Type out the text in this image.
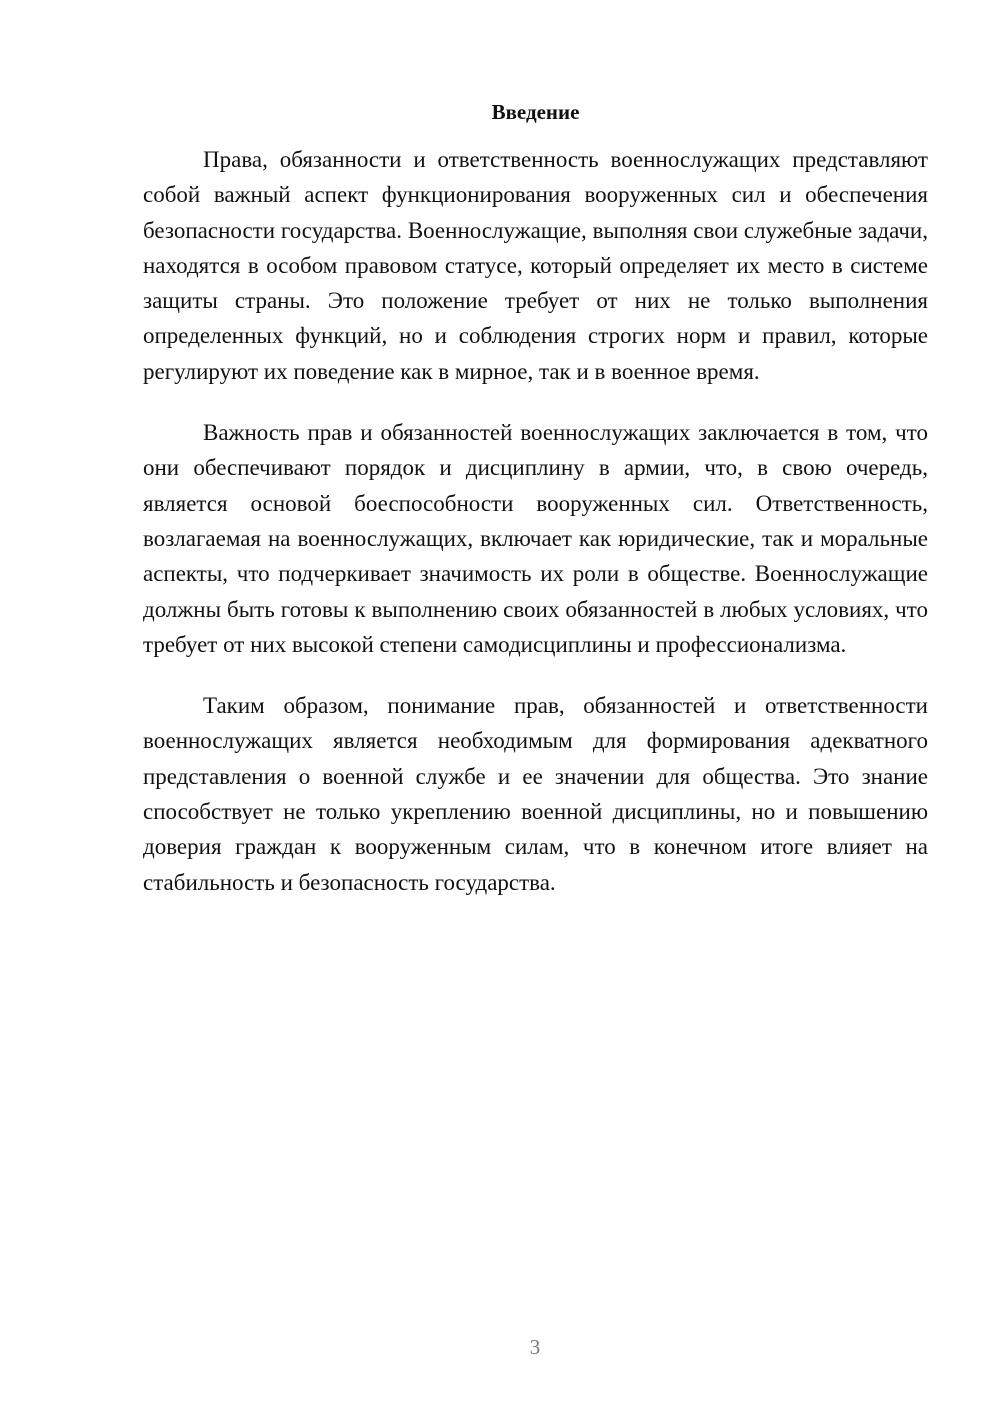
Введение

Права, обязанности и ответственность военнослужащих представляют собой важный аспект функционирования вооруженных сил и обеспечения безопасности государства. Военнослужащие, выполняя свои служебные задачи, находятся в особом правовом статусе, который определяет их место в системе защиты страны. Это положение требует от них не только выполнения определенных функций, но и соблюдения строгих норм и правил, которые регулируют их поведение как в мирное, так и в военное время.

Важность прав и обязанностей военнослужащих заключается в том, что они обеспечивают порядок и дисциплину в армии, что, в свою очередь, является основой боеспособности вооруженных сил. Ответственность, возлагаемая на военнослужащих, включает как юридические, так и моральные аспекты, что подчеркивает значимость их роли в обществе. Военнослужащие должны быть готовы к выполнению своих обязанностей в любых условиях, что требует от них высокой степени самодисциплины и профессионализма.

Таким образом, понимание прав, обязанностей и ответственности военнослужащих является необходимым для формирования адекватного представления о военной службе и ее значении для общества. Это знание способствует не только укреплению военной дисциплины, но и повышению доверия граждан к вооруженным силам, что в конечном итоге влияет на стабильность и безопасность государства.

3
